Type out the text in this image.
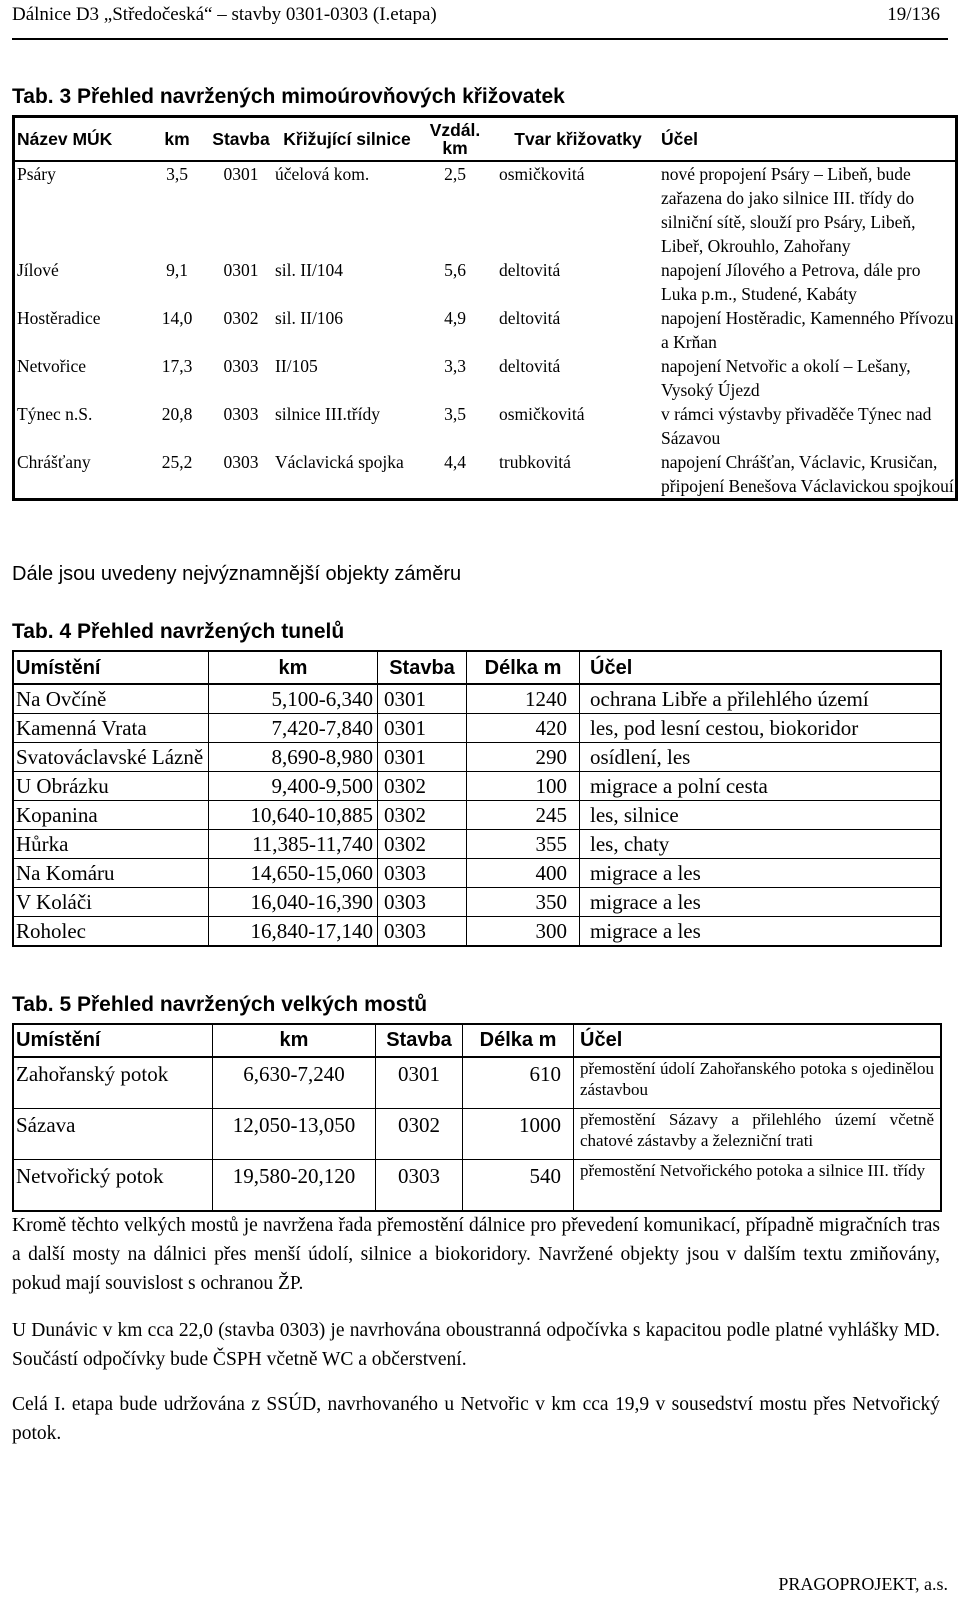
Dálnice D3 „Středočeská“ – stavby 0301-0303 (I.etapa)	19/136
Tab. 3 Přehled navržených mimoúrovňových křižovatek
Název MÚK	km	Stavba	Křižující silnice	Vzdál. km	Tvar křižovatky	Účel
Psáry	3,5	0301	účelová kom.	2,5	osmičkovitá	nové propojení Psáry – Libeň, bude zařazena do jako silnice III. třídy do silniční sítě, slouží pro Psáry, Libeň, Libeř, Okrouhlo, Zahořany
Jílové	9,1	0301	sil. II/104	5,6	deltovitá	napojení Jílového a Petrova, dále pro Luka p.m., Studené, Kabáty
Hostěradice	14,0	0302	sil. II/106	4,9	deltovitá	napojení Hostěradic, Kamenného Přívozu a Krňan
Netvořice	17,3	0303	II/105	3,3	deltovitá	napojení Netvořic a okolí – Lešany, Vysoký Újezd
Týnec n.S.	20,8	0303	silnice III.třídy	3,5	osmičkovitá	v rámci výstavby přivaděče Týnec nad Sázavou
Chrášťany	25,2	0303	Václavická spojka	4,4	trubkovitá	napojení Chrášťan, Václavic, Krusičan, připojení Benešova Václavickou spojkouí
Dále jsou uvedeny nejvýznamnější objekty záměru
Tab. 4 Přehled navržených tunelů
Umístění	km	Stavba	Délka m	Účel
Na Ovčíně	5,100-6,340	0301	1240	ochrana Libře a přilehlého území
Kamenná Vrata	7,420-7,840	0301	420	les, pod lesní cestou, biokoridor
Svatováclavské Lázně	8,690-8,980	0301	290	osídlení, les
U Obrázku	9,400-9,500	0302	100	migrace a polní cesta
Kopanina	10,640-10,885	0302	245	les, silnice
Hůrka	11,385-11,740	0302	355	les, chaty
Na Komáru	14,650-15,060	0303	400	migrace a les
V Koláči	16,040-16,390	0303	350	migrace a les
Roholec	16,840-17,140	0303	300	migrace a les
Tab. 5 Přehled navržených velkých mostů
Umístění	km	Stavba	Délka m	Účel
Zahořanský potok	6,630-7,240	0301	610	přemostění údolí Zahořanského potoka s ojedinělou zástavbou
Sázava	12,050-13,050	0302	1000	přemostění Sázavy a přilehlého území včetně chatové zástavby a železniční trati
Netvořický potok	19,580-20,120	0303	540	přemostění Netvořického potoka a silnice III. třídy

Kromě těchto velkých mostů je navržena řada přemostění dálnice pro převedení komunikací, případně migračních tras a další mosty na dálnici přes menší údolí, silnice a biokoridory. Navržené objekty jsou v dalším textu zmiňovány, pokud mají souvislost s ochranou ŽP.

U Dunávic v km cca 22,0 (stavba 0303) je navrhována oboustranná odpočívka s kapacitou podle platné vyhlášky MD. Součástí odpočívky bude ČSPH včetně WC a občerstvení.

Celá I. etapa bude udržována z SSÚD, navrhovaného u Netvořic v km cca 19,9 v sousedství mostu přes Netvořický potok.

PRAGOPROJEKT, a.s.
